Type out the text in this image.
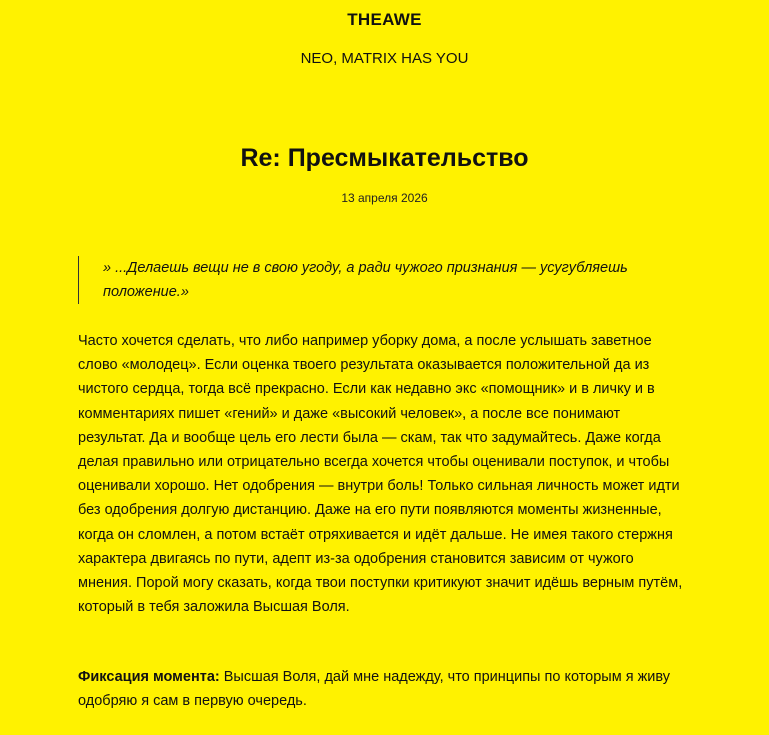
THEAWE
NEO, MATRIX HAS YOU
Re: Пресмыкательство
13 апреля 2026
» ...Делаешь вещи не в свою угоду, а ради чужого признания — усугубляешь положение.»

Часто хочется сделать, что либо например уборку дома, а после услышать заветное слово «молодец». Если оценка твоего результата оказывается положительной да из чистого сердца, тогда всё прекрасно. Если как недавно экс «помощник» и в личку и в комментариях пишет «гений» и даже «высокий человек», а после все понимают результат. Да и вообще цель его лести была — скам, так что задумайтесь. Даже когда делая правильно или отрицательно всегда хочется чтобы оценивали поступок, и чтобы оценивали хорошо. Нет одобрения — внутри боль! Только сильная личность может идти без одобрения долгую дистанцию. Даже на его пути появляются моменты жизненные, когда он сломлен, а потом встаёт отряхивается и идёт дальше. Не имея такого стержня характера двигаясь по пути, адепт из-за одобрения становится зависим от чужого мнения. Порой могу сказать, когда твои поступки критикуют значит идёшь верным путём, который в тебя заложила Высшая Воля.

Фиксация момента: Высшая Воля, дай мне надежду, что принципы по которым я живу одобряю я сам в первую очередь.
